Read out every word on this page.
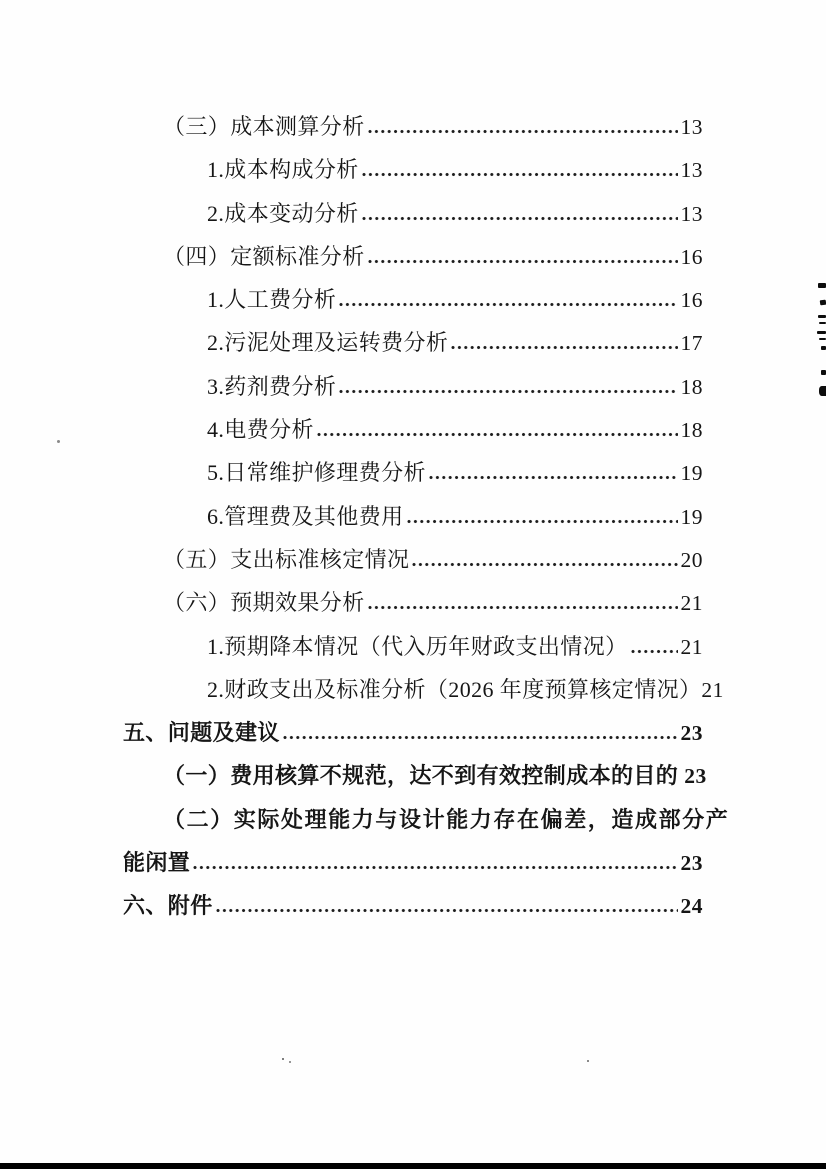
（三）成本测算分析	13
1.成本构成分析	13
2.成本变动分析	13
（四）定额标准分析	16
1.人工费分析	16
2.污泥处理及运转费分析	17
3.药剂费分析	18
4.电费分析	18
5.日常维护修理费分析	19
6.管理费及其他费用	19
（五）支出标准核定情况	20
（六）预期效果分析	21
1.预期降本情况（代入历年财政支出情况） 21
2.财政支出及标准分析（2026 年度预算核定情况） 21
五、问题及建议	23
（一）费用核算不规范，达不到有效控制成本的目的 23
（二）实际处理能力与设计能力存在偏差，造成部分产
能闲置	23
六、附件	24
